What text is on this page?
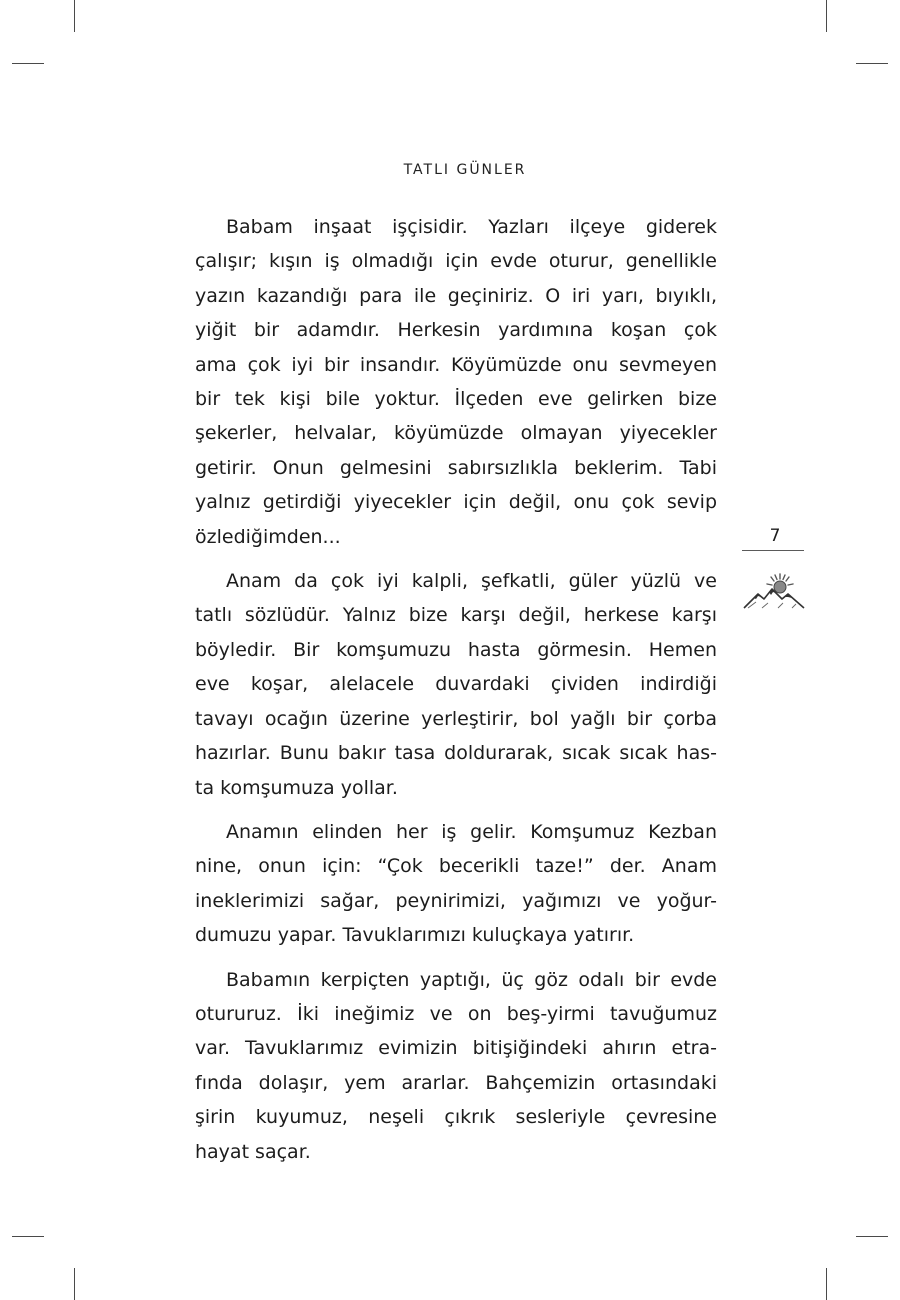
TATLI GÜNLER

Babam inşaat işçisidir. Yazları ilçeye giderek
çalışır; kışın iş olmadığı için evde oturur, genellikle
yazın kazandığı para ile geçiniriz. O iri yarı, bıyıklı,
yiğit bir adamdır. Herkesin yardımına koşan çok
ama çok iyi bir insandır. Köyümüzde onu sevmeyen
bir tek kişi bile yoktur. İlçeden eve gelirken bize
şekerler, helvalar, köyümüzde olmayan yiyecekler
getirir. Onun gelmesini sabırsızlıkla beklerim. Tabi
yalnız getirdiği yiyecekler için değil, onu çok sevip
özlediğimden...

Anam da çok iyi kalpli, şefkatli, güler yüzlü ve
tatlı sözlüdür. Yalnız bize karşı değil, herkese karşı
böyledir. Bir komşumuzu hasta görmesin. Hemen
eve koşar, alelacele duvardaki çividen indirdiği
tavayı ocağın üzerine yerleştirir, bol yağlı bir çorba
hazırlar. Bunu bakır tasa doldurarak, sıcak sıcak has-
ta komşumuza yollar.

Anamın elinden her iş gelir. Komşumuz Kezban
nine, onun için: “Çok becerikli taze!” der. Anam
ineklerimizi sağar, peynirimizi, yağımızı ve yoğur-
dumuzu yapar. Tavuklarımızı kuluçkaya yatırır.

Babamın kerpiçten yaptığı, üç göz odalı bir evde
otururuz. İki ineğimiz ve on beş-yirmi tavuğumuz
var. Tavuklarımız evimizin bitişiğindeki ahırın etra-
fında dolaşır, yem ararlar. Bahçemizin ortasındaki
şirin kuyumuz, neşeli çıkrık sesleriyle çevresine
hayat saçar.

7
